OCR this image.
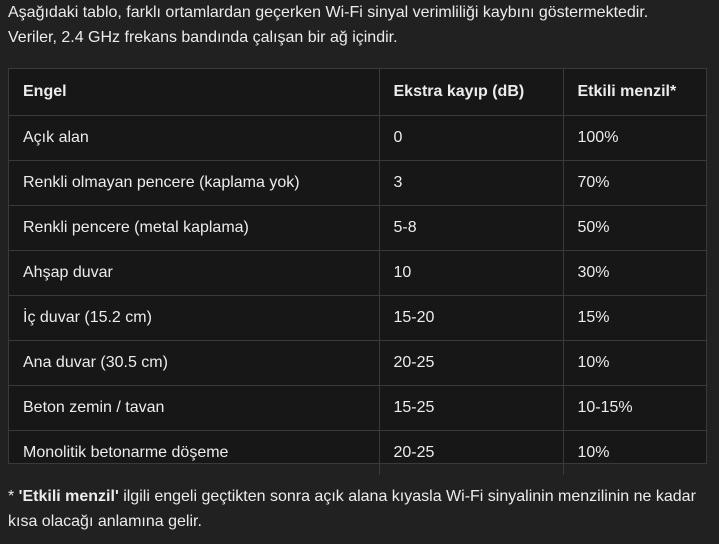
Aşağıdaki tablo, farklı ortamlardan geçerken Wi-Fi sinyal verimliliği kaybını göstermektedir.
Veriler, 2.4 GHz frekans bandında çalışan bir ağ içindir.

Engel	Ekstra kayıp (dB)	Etkili menzil*
Açık alan	0	100%
Renkli olmayan pencere (kaplama yok)	3	70%
Renkli pencere (metal kaplama)	5-8	50%
Ahşap duvar	10	30%
İç duvar (15.2 cm)	15-20	15%
Ana duvar (30.5 cm)	20-25	10%
Beton zemin / tavan	15-25	10-15%
Monolitik betonarme döşeme	20-25	10%

* 'Etkili menzil' ilgili engeli geçtikten sonra açık alana kıyasla Wi-Fi sinyalinin menzilinin ne kadar kısa olacağı anlamına gelir.
